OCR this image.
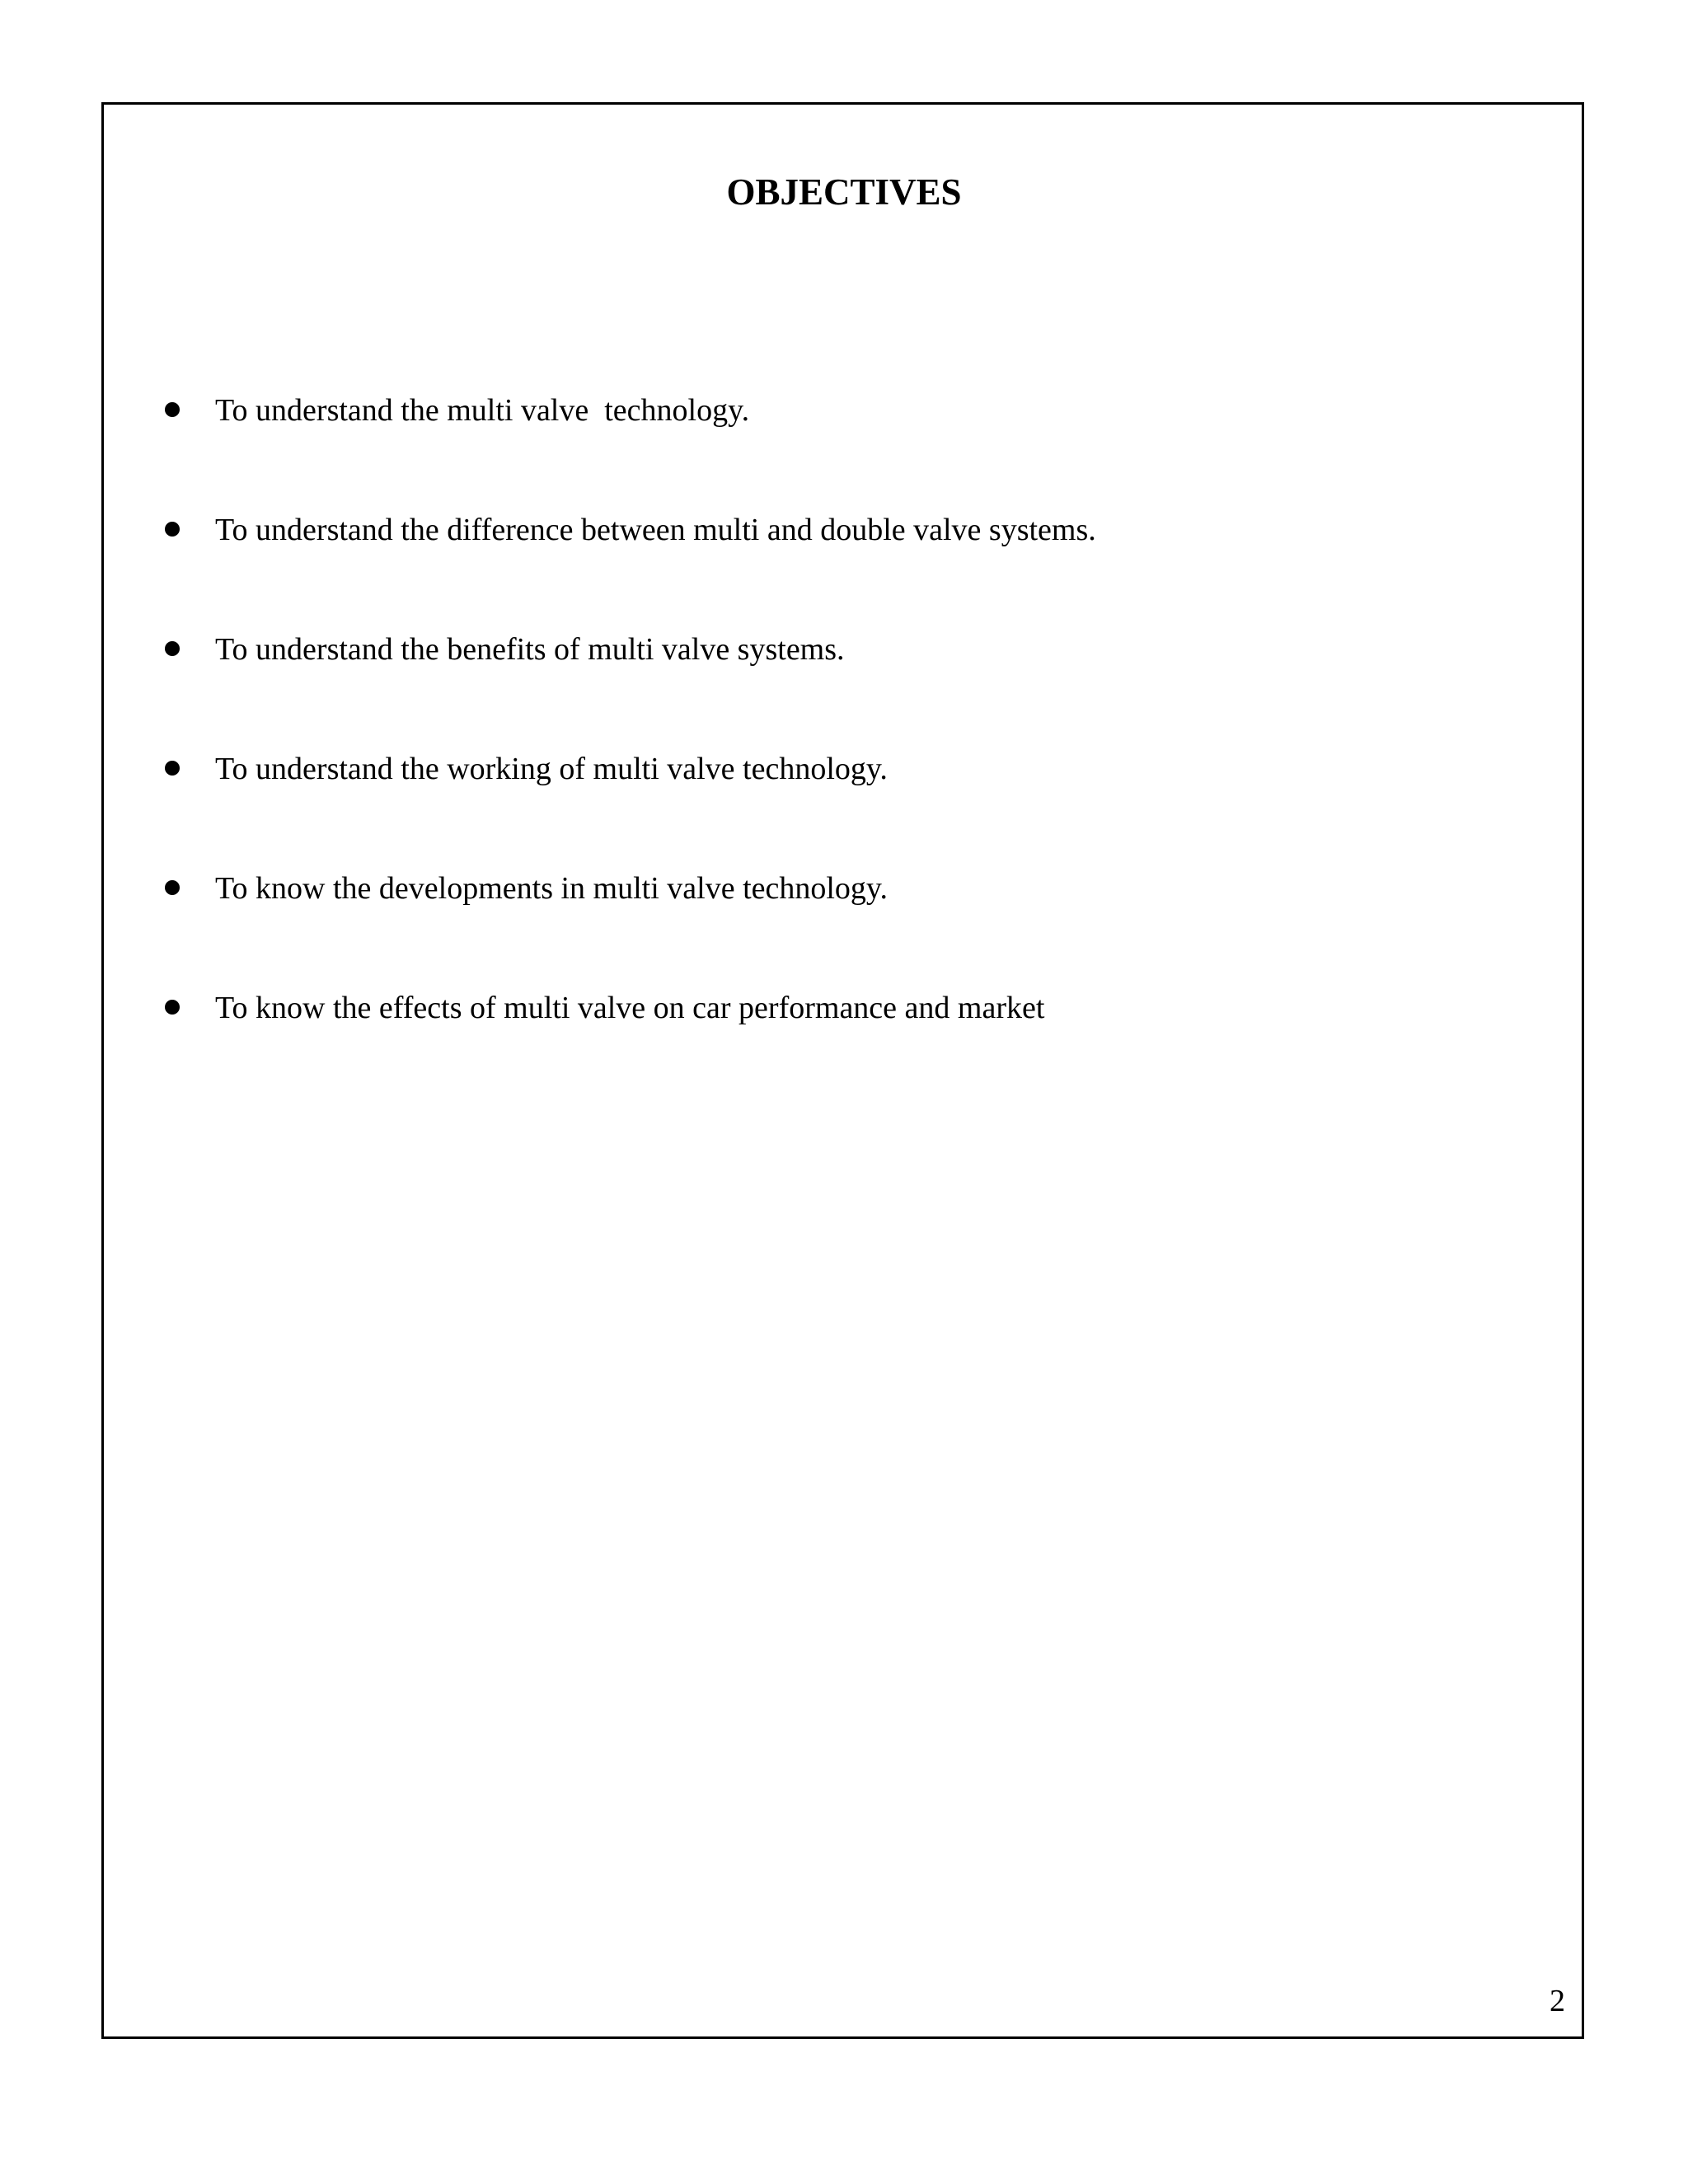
OBJECTIVES
To understand the multi valve  technology.
To understand the difference between multi and double valve systems.
To understand the benefits of multi valve systems.
To understand the working of multi valve technology.
To know the developments in multi valve technology.
To know the effects of multi valve on car performance and market
2
